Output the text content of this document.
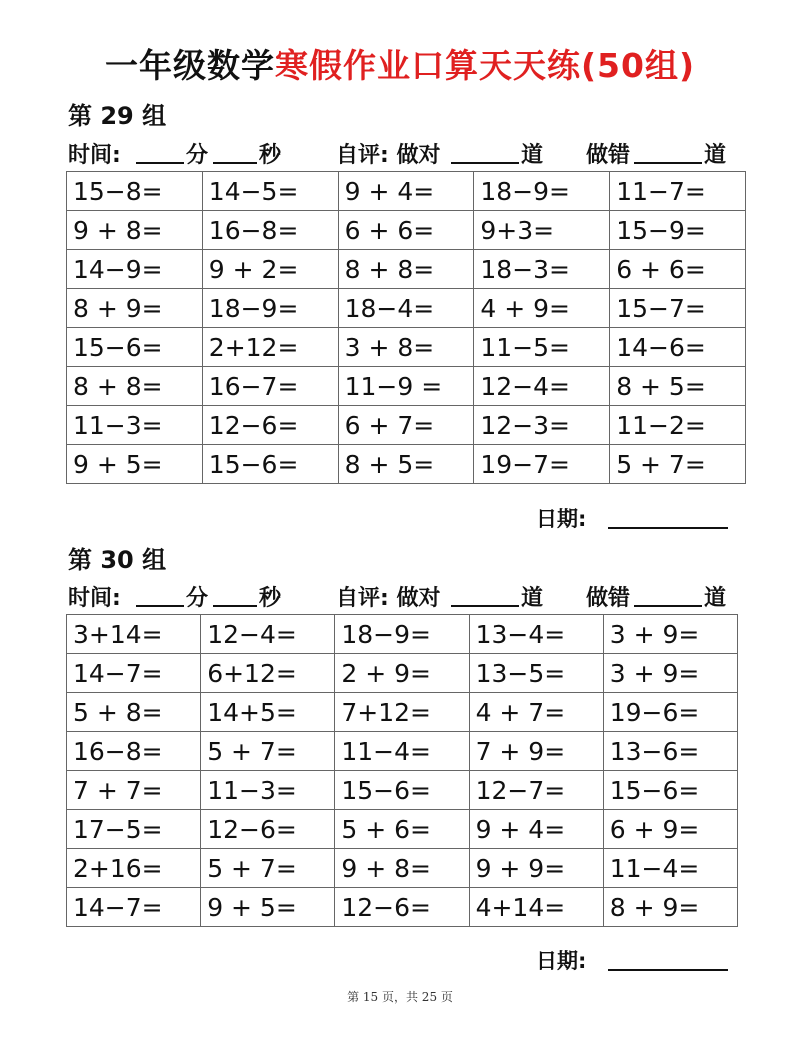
一年级数学寒假作业口算天天练(50组)
第 29 组
时间:	分 秒 自评: 做对	道 做错	道
15−8=	14−5=	9 + 4=	18−9=	11−7=
9 + 8=	16−8=	6 + 6=	9+3=	15−9=
14−9=	9 + 2=	8 + 8=	18−3=	6 + 6=
8 + 9=	18−9=	18−4=	4 + 9=	15−7=
15−6=	2+12=	3 + 8=	11−5=	14−6=
8 + 8=	16−7=	11−9 =	12−4=	8 + 5=
11−3=	12−6=	6 + 7=	12−3=	11−2=
9 + 5=	15−6=	8 + 5=	19−7=	5 + 7=
日期:
第 30 组
时间:	分 秒 自评: 做对	道 做错	道
3+14=	12−4=	18−9=	13−4=	3 + 9=
14−7=	6+12=	2 + 9=	13−5=	3 + 9=
5 + 8=	14+5=	7+12=	4 + 7=	19−6=
16−8=	5 + 7=	11−4=	7 + 9=	13−6=
7 + 7=	11−3=	15−6=	12−7=	15−6=
17−5=	12−6=	5 + 6=	9 + 4=	6 + 9=
2+16=	5 + 7=	9 + 8=	9 + 9=	11−4=
14−7=	9 + 5=	12−6=	4+14=	8 + 9=
日期:
第 15 页，共 25 页
